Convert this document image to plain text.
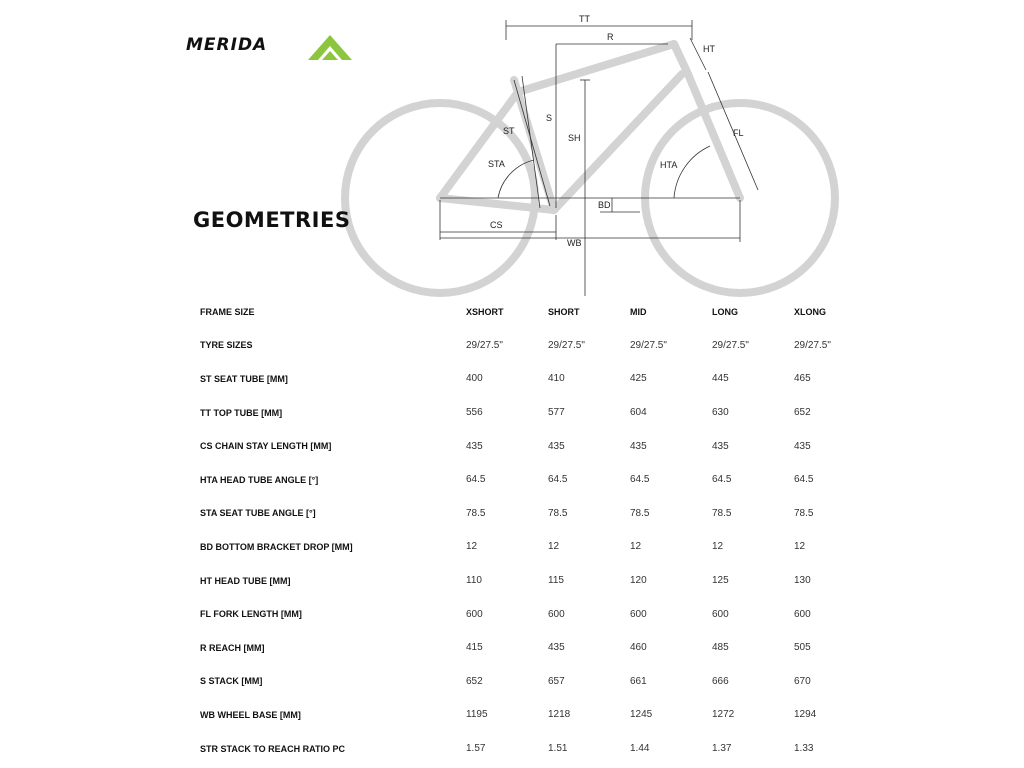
MERIDA
TT
R
HT
S
SH
ST
STA
FL
HTA
BD
CS
WB
GEOMETRIES
FRAME SIZE	XSHORT	SHORT	MID	LONG	XLONG
TYRE SIZES	29/27.5"	29/27.5"	29/27.5"	29/27.5"	29/27.5"
ST SEAT TUBE [MM]	400	410	425	445	465
TT TOP TUBE [MM]	556	577	604	630	652
CS CHAIN STAY LENGTH [MM]	435	435	435	435	435
HTA HEAD TUBE ANGLE [°]	64.5	64.5	64.5	64.5	64.5
STA SEAT TUBE ANGLE [°]	78.5	78.5	78.5	78.5	78.5
BD BOTTOM BRACKET DROP [MM]	12	12	12	12	12
HT HEAD TUBE [MM]	110	115	120	125	130
FL FORK LENGTH [MM]	600	600	600	600	600
R REACH [MM]	415	435	460	485	505
S STACK [MM]	652	657	661	666	670
WB WHEEL BASE [MM]	1195	1218	1245	1272	1294
STR STACK TO REACH RATIO PC	1.57	1.51	1.44	1.37	1.33
